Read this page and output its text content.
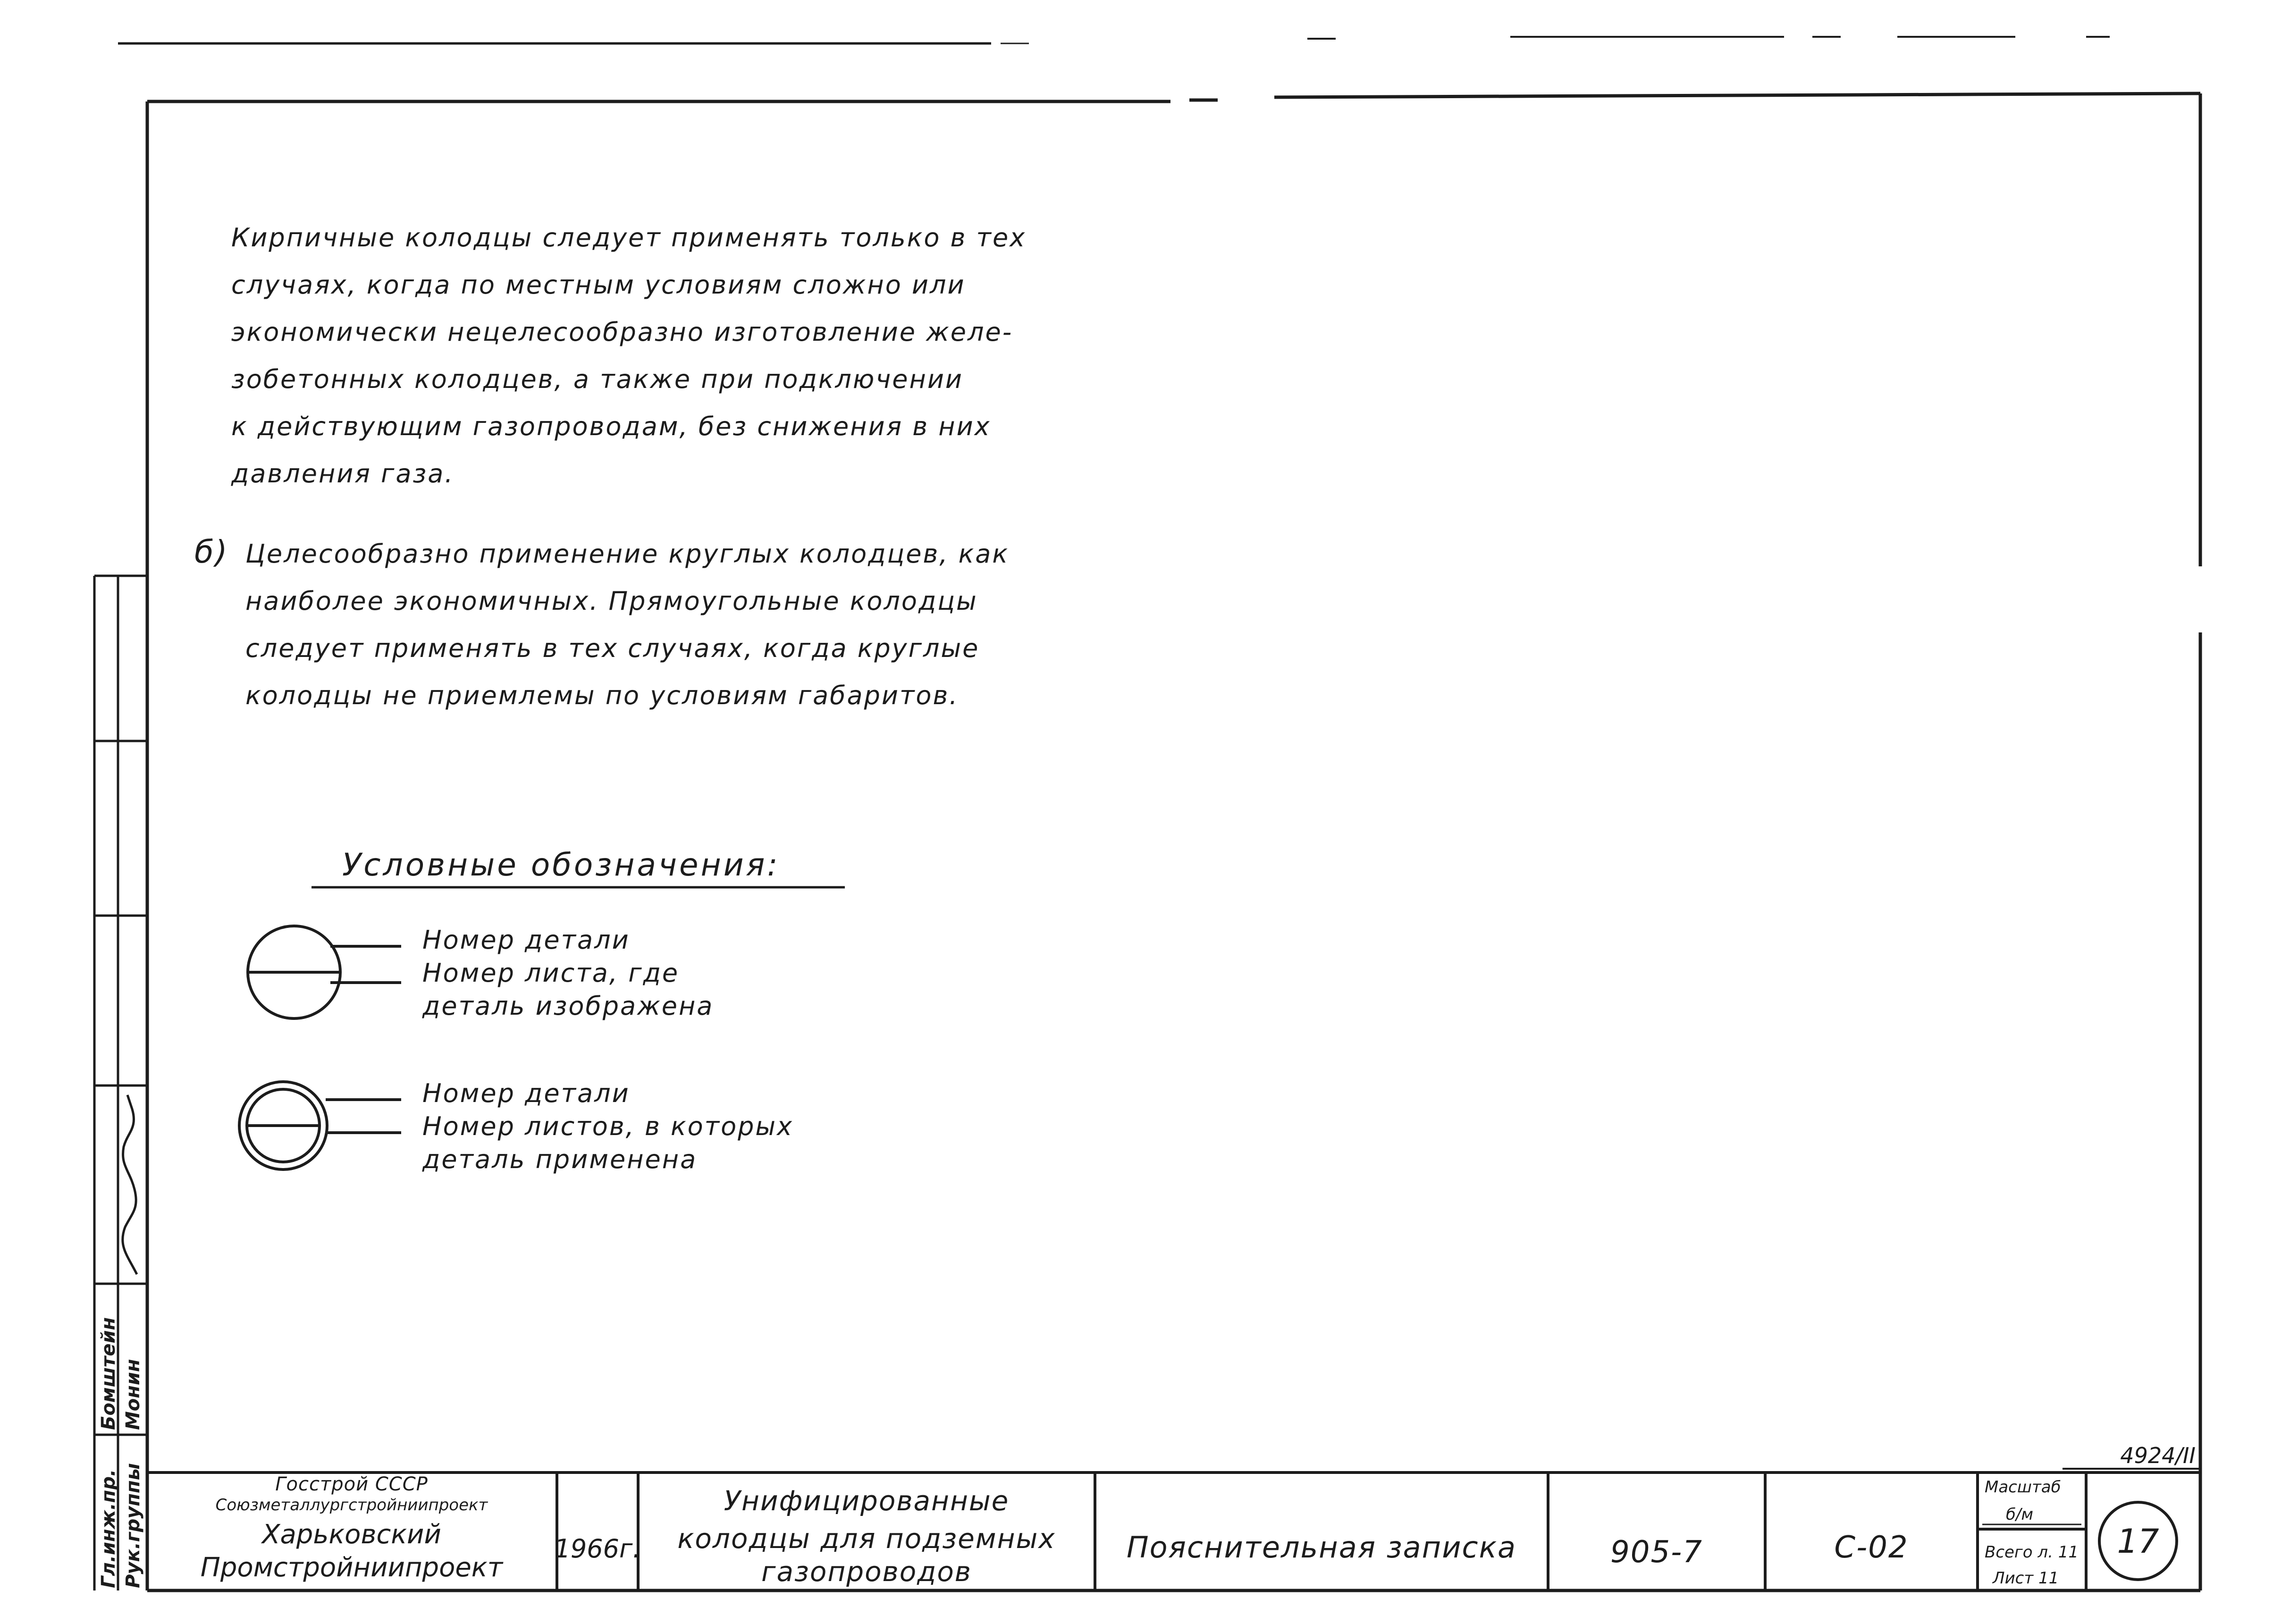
Кирпичные колодцы следует применять только в тех
случаях, когда по местным условиям сложно или
экономически нецелесообразно изготовление желе-
зобетонных колодцев, а также при подключении
к действующим газопроводам, без снижения в них
давления газа.
б) Целесообразно применение круглых колодцев, как
наиболее экономичных. Прямоугольные колодцы
следует применять в тех случаях, когда круглые
колодцы не приемлемы по условиям габаритов.
Условные обозначения:
Номер детали
Номер листа, где
деталь изображена
Номер детали
Номер листов, в которых
деталь применена
Гл.инж.пр. Рук.группы
Бомштейн Монин
Госстрой СССР
Союзметаллургстройниипроект
Харьковский
Промстройниипроект
1966г.
Унифицированные
колодцы для подземных
газопроводов
Пояснительная записка	905-7	С-02
Масштаб
б/м
Всего л. 11
Лист 11
17
4924/II
